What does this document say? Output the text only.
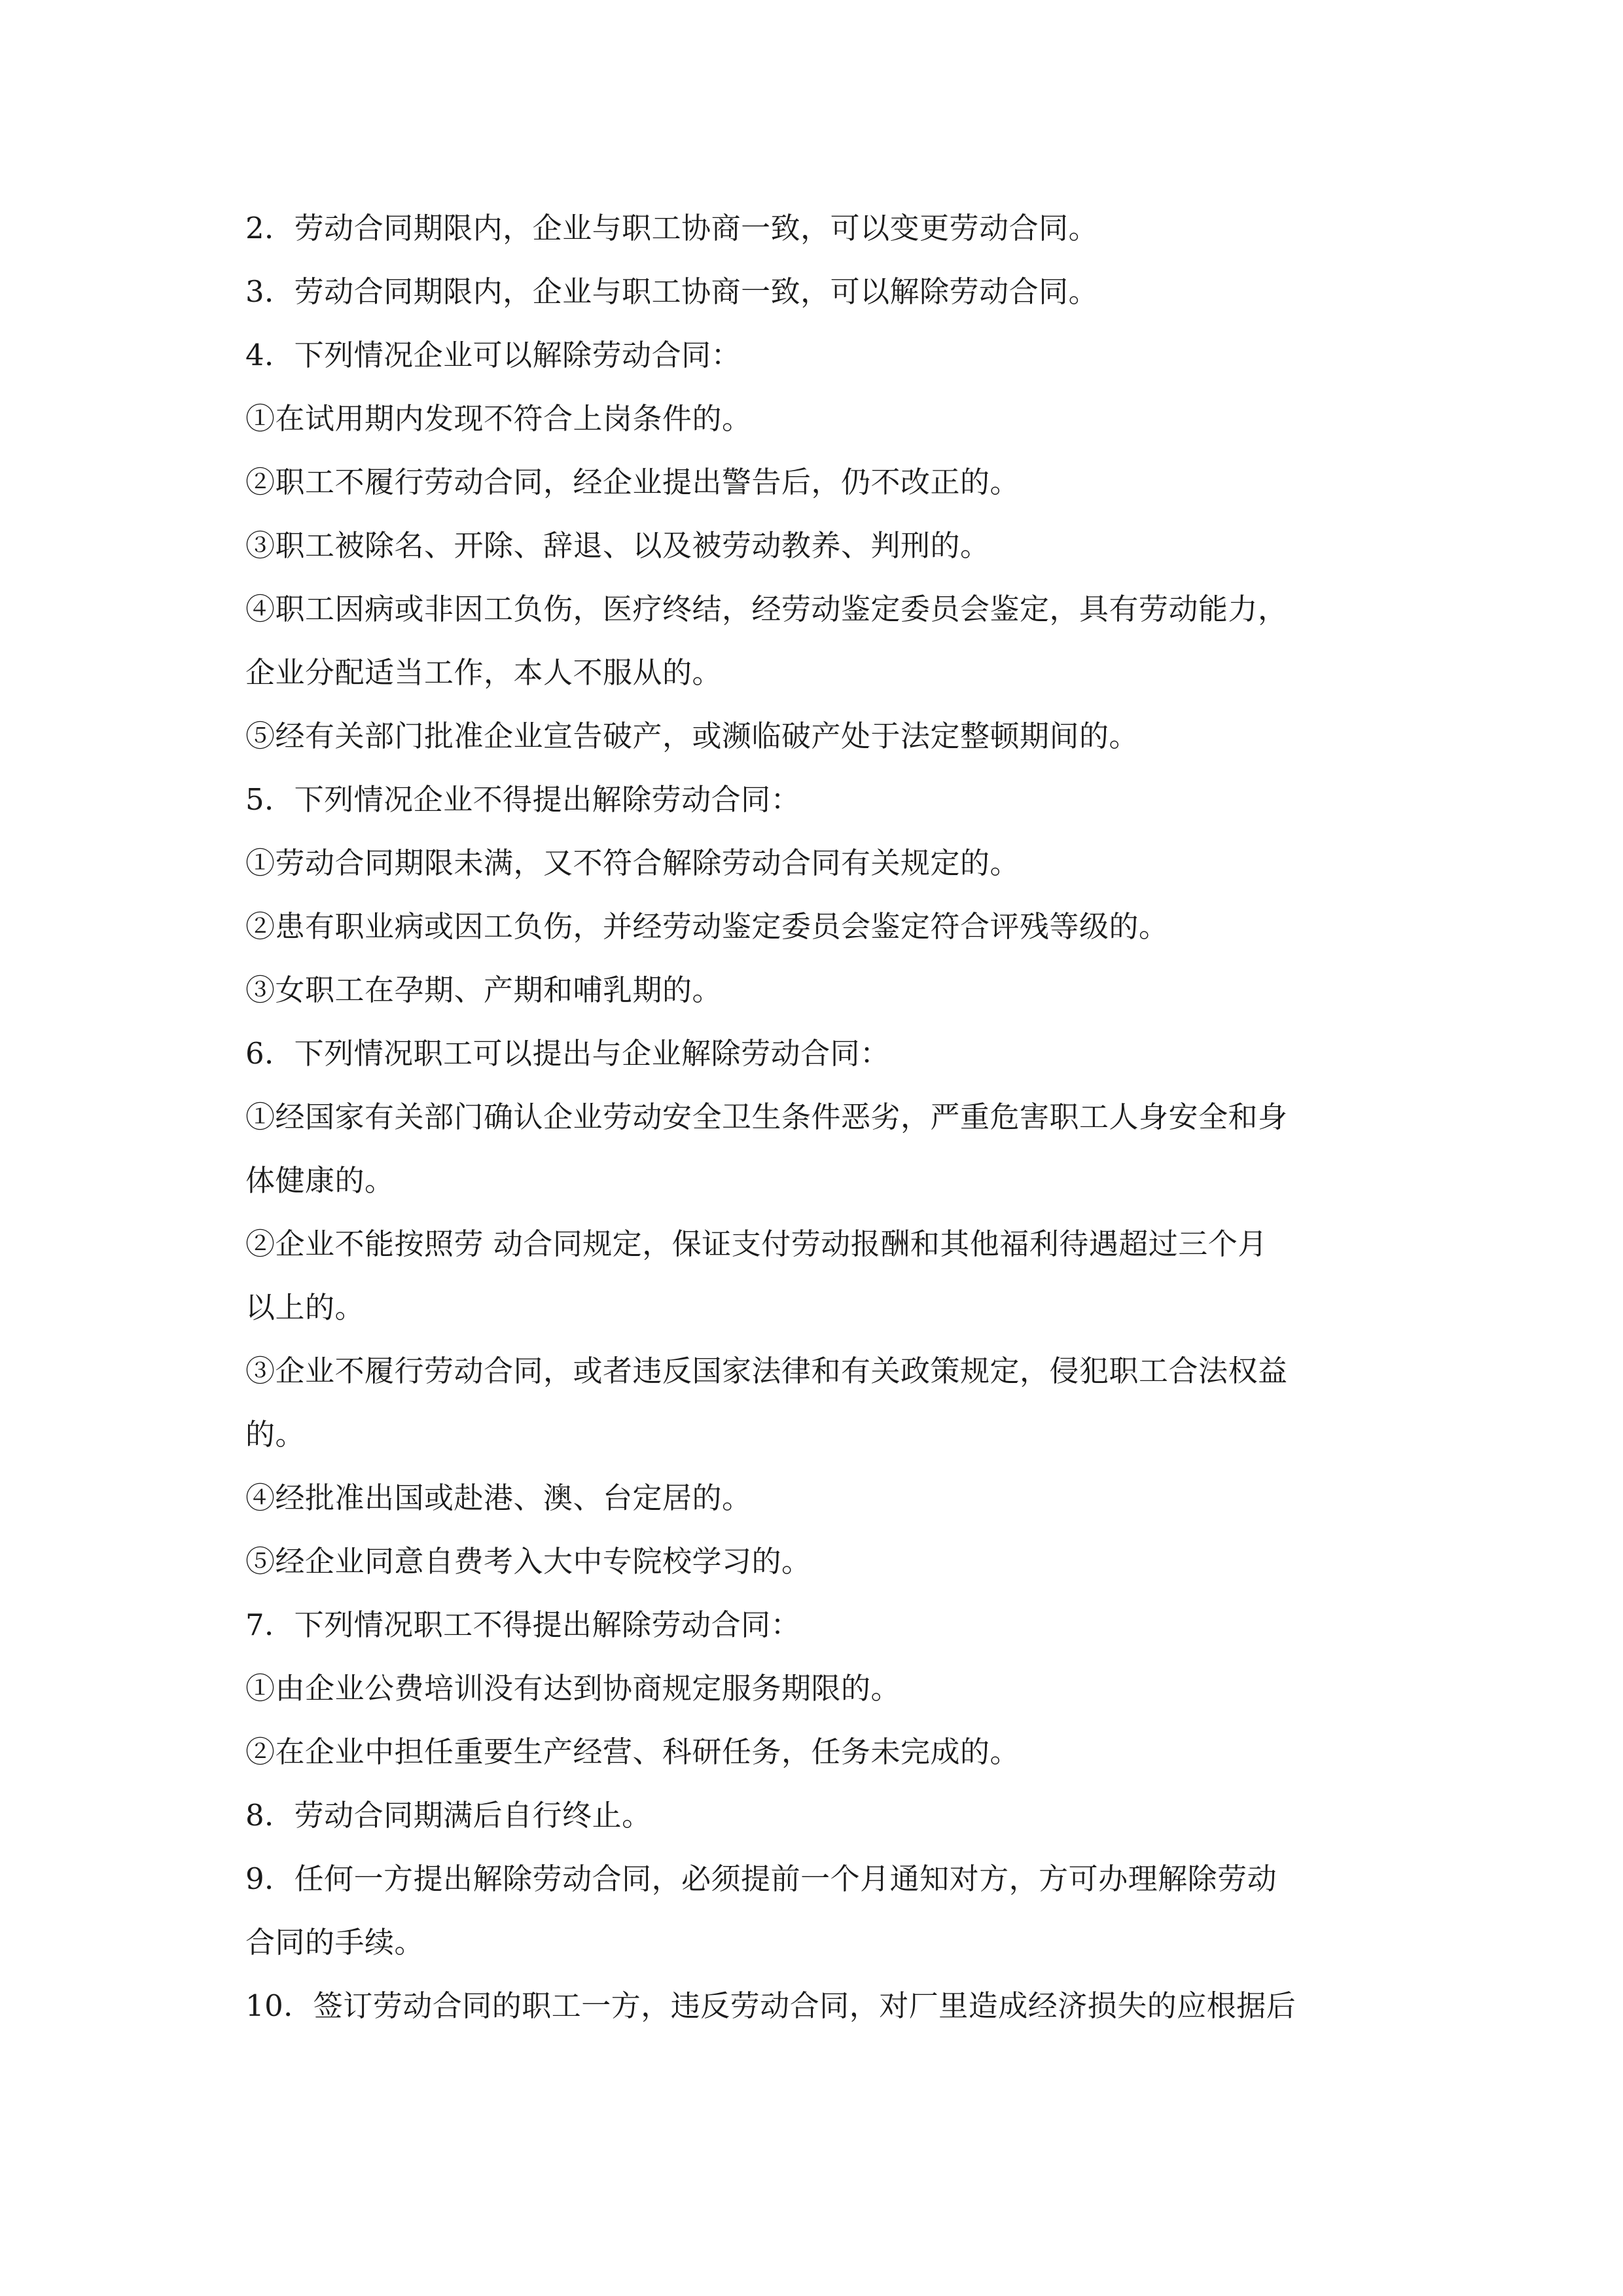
2．劳动合同期限内，企业与职工协商一致，可以变更劳动合同。
3．劳动合同期限内，企业与职工协商一致，可以解除劳动合同。
4．下列情况企业可以解除劳动合同：
①在试用期内发现不符合上岗条件的。
②职工不履行劳动合同，经企业提出警告后，仍不改正的。
③职工被除名、开除、辞退、以及被劳动教养、判刑的。
④职工因病或非因工负伤，医疗终结，经劳动鉴定委员会鉴定，具有劳动能力，
企业分配适当工作，本人不服从的。
⑤经有关部门批准企业宣告破产，或濒临破产处于法定整顿期间的。
5．下列情况企业不得提出解除劳动合同：
①劳动合同期限未满，又不符合解除劳动合同有关规定的。
②患有职业病或因工负伤，并经劳动鉴定委员会鉴定符合评残等级的。
③女职工在孕期、产期和哺乳期的。
6．下列情况职工可以提出与企业解除劳动合同：
①经国家有关部门确认企业劳动安全卫生条件恶劣，严重危害职工人身安全和身
体健康的。
②企业不能按照劳 动合同规定，保证支付劳动报酬和其他福利待遇超过三个月
以上的。
③企业不履行劳动合同，或者违反国家法律和有关政策规定，侵犯职工合法权益
的。
④经批准出国或赴港、澳、台定居的。
⑤经企业同意自费考入大中专院校学习的。
7．下列情况职工不得提出解除劳动合同：
①由企业公费培训没有达到协商规定服务期限的。
②在企业中担任重要生产经营、科研任务，任务未完成的。
8．劳动合同期满后自行终止。
9．任何一方提出解除劳动合同，必须提前一个月通知对方，方可办理解除劳动
合同的手续。
10．签订劳动合同的职工一方，违反劳动合同，对厂里造成经济损失的应根据后
